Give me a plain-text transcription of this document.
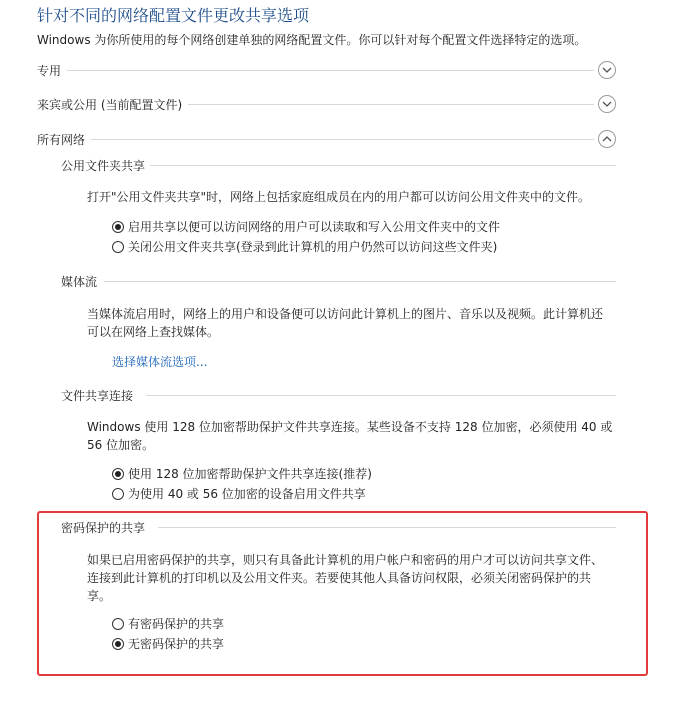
针对不同的网络配置文件更改共享选项
Windows 为你所使用的每个网络创建单独的网络配置文件。你可以针对每个配置文件选择特定的选项。
专用
来宾或公用 (当前配置文件)
所有网络
公用文件夹共享
打开"公用文件夹共享"时，网络上包括家庭组成员在内的用户都可以访问公用文件夹中的文件。
启用共享以便可以访问网络的用户可以读取和写入公用文件夹中的文件
关闭公用文件夹共享(登录到此计算机的用户仍然可以访问这些文件夹)
媒体流
当媒体流启用时，网络上的用户和设备便可以访问此计算机上的图片、音乐以及视频。此计算机还
可以在网络上查找媒体。
选择媒体流选项...
文件共享连接
Windows 使用 128 位加密帮助保护文件共享连接。某些设备不支持 128 位加密，必须使用 40 或
56 位加密。
使用 128 位加密帮助保护文件共享连接(推荐)
为使用 40 或 56 位加密的设备启用文件共享
密码保护的共享
如果已启用密码保护的共享，则只有具备此计算机的用户帐户和密码的用户才可以访问共享文件、
连接到此计算机的打印机以及公用文件夹。若要使其他人具备访问权限，必须关闭密码保护的共
享。
有密码保护的共享
无密码保护的共享
